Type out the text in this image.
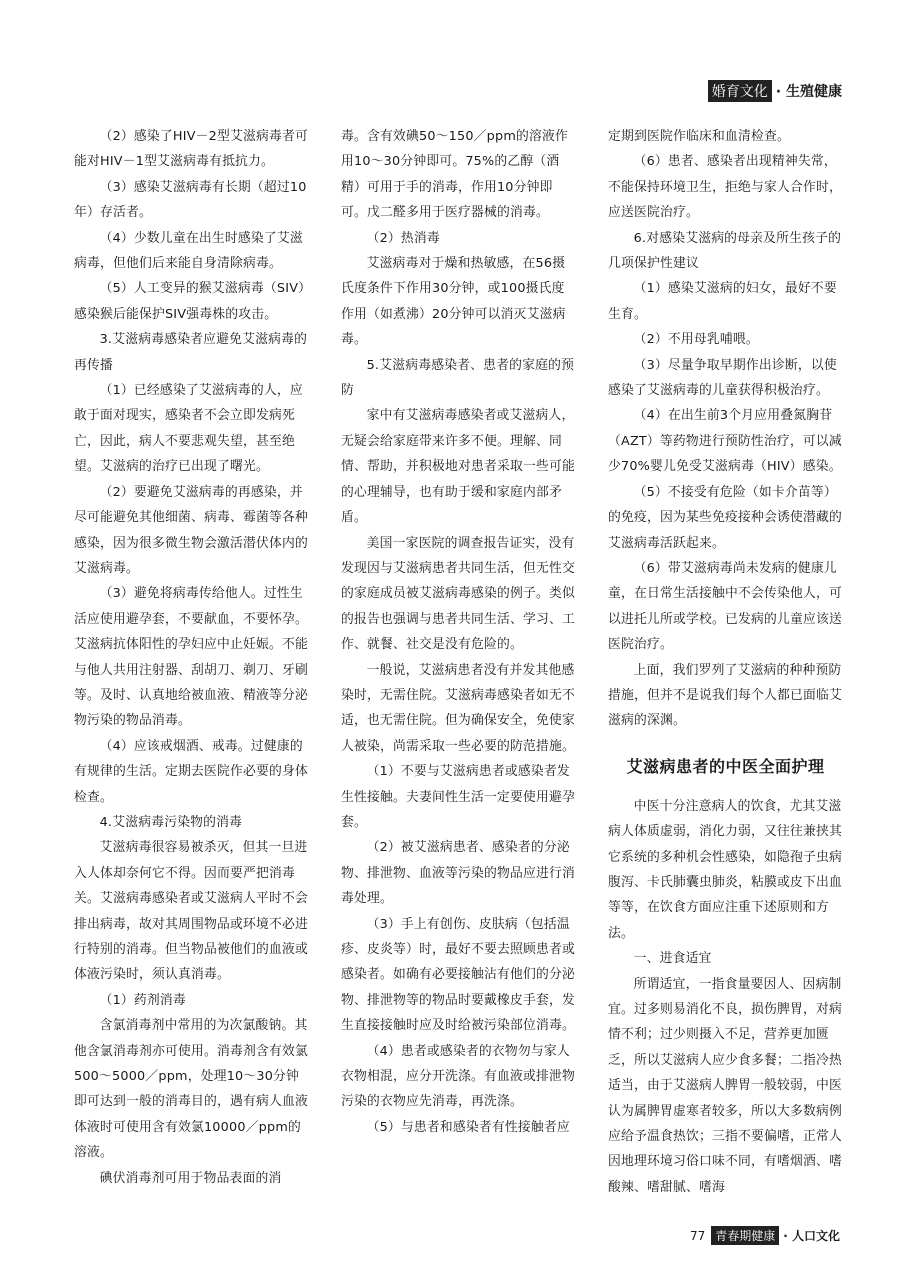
婚育文化 · 生殖健康

（2）感染了HIV－2型艾滋病毒者可能对HIV－1型艾滋病毒有抵抗力。

（3）感染艾滋病毒有长期（超过10年）存活者。

（4）少数儿童在出生时感染了艾滋病毒，但他们后来能自身清除病毒。

（5）人工变异的猴艾滋病毒（SIV）感染猴后能保护SIV强毒株的攻击。

3.艾滋病毒感染者应避免艾滋病毒的再传播

（1）已经感染了艾滋病毒的人，应敢于面对现实，感染者不会立即发病死亡，因此，病人不要悲观失望，甚至绝望。艾滋病的治疗已出现了曙光。

（2）要避免艾滋病毒的再感染，并尽可能避免其他细菌、病毒、霉菌等各种感染，因为很多微生物会激活潜伏体内的艾滋病毒。

（3）避免将病毒传给他人。过性生活应使用避孕套，不要献血，不要怀孕。艾滋病抗体阳性的孕妇应中止妊娠。不能与他人共用注射器、刮胡刀、剃刀、牙刷等。及时、认真地给被血液、精液等分泌物污染的物品消毒。

（4）应该戒烟酒、戒毒。过健康的有规律的生活。定期去医院作必要的身体检查。

4.艾滋病毒污染物的消毒

艾滋病毒很容易被杀灭，但其一旦进入人体却奈何它不得。因而要严把消毒关。艾滋病毒感染者或艾滋病人平时不会排出病毒，故对其周围物品或环境不必进行特别的消毒。但当物品被他们的血液或体液污染时，须认真消毒。

（1）药剂消毒

含氯消毒剂中常用的为次氯酸钠。其他含氯消毒剂亦可使用。消毒剂含有效氯500～5000／ppm，处理10～30分钟即可达到一般的消毒目的，遇有病人血液体液时可使用含有效氯10000／ppm的溶液。

碘伏消毒剂可用于物品表面的消

毒。含有效碘50～150／ppm的溶液作用10～30分钟即可。75%的乙醇（酒精）可用于手的消毒，作用10分钟即可。戊二醛多用于医疗器械的消毒。

（2）热消毒

艾滋病毒对于燥和热敏感，在56摄氏度条件下作用30分钟，或100摄氏度作用（如煮沸）20分钟可以消灭艾滋病毒。

5.艾滋病毒感染者、患者的家庭的预防

家中有艾滋病毒感染者或艾滋病人，无疑会给家庭带来许多不便。理解、同情、帮助，并积极地对患者采取一些可能的心理辅导，也有助于缓和家庭内部矛盾。

美国一家医院的调查报告证实，没有发现因与艾滋病患者共同生活，但无性交的家庭成员被艾滋病毒感染的例子。类似的报告也强调与患者共同生活、学习、工作、就餐、社交是没有危险的。

一般说，艾滋病患者没有并发其他感染时，无需住院。艾滋病毒感染者如无不适，也无需住院。但为确保安全，免使家人被染，尚需采取一些必要的防范措施。

（1）不要与艾滋病患者或感染者发生性接触。夫妻间性生活一定要使用避孕套。

（2）被艾滋病患者、感染者的分泌物、排泄物、血液等污染的物品应进行消毒处理。

（3）手上有创伤、皮肤病（包括温疹、皮炎等）时，最好不要去照顾患者或感染者。如确有必要接触沾有他们的分泌物、排泄物等的物品时要戴橡皮手套，发生直接接触时应及时给被污染部位消毒。

（4）患者或感染者的衣物勿与家人衣物相混，应分开洗涤。有血液或排泄物污染的衣物应先消毒，再洗涤。

（5）与患者和感染者有性接触者应

定期到医院作临床和血清检查。

（6）患者、感染者出现精神失常，不能保持环境卫生，拒绝与家人合作时，应送医院治疗。

6.对感染艾滋病的母亲及所生孩子的几项保护性建议

（1）感染艾滋病的妇女，最好不要生育。

（2）不用母乳哺喂。

（3）尽量争取早期作出诊断，以使感染了艾滋病毒的儿童获得积极治疗。

（4）在出生前3个月应用叠氮胸苷（AZT）等药物进行预防性治疗，可以减少70%婴儿免受艾滋病毒（HIV）感染。

（5）不接受有危险（如卡介苗等）的免疫，因为某些免疫接种会诱使潜藏的艾滋病毒活跃起来。

（6）带艾滋病毒尚未发病的健康儿童，在日常生活接触中不会传染他人，可以进托儿所或学校。已发病的儿童应该送医院治疗。

上面，我们罗列了艾滋病的种种预防措施，但并不是说我们每个人都已面临艾滋病的深渊。

艾滋病患者的中医全面护理

中医十分注意病人的饮食，尤其艾滋病人体质虚弱，消化力弱，又往往兼挟其它系统的多种机会性感染，如隐孢子虫病腹泻、卡氏肺囊虫肺炎，粘膜或皮下出血等等，在饮食方面应注重下述原则和方法。

一、进食适宜

所谓适宜，一指食量要因人、因病制宜。过多则易消化不良，损伤脾胃，对病情不利；过少则摄入不足，营养更加匮乏，所以艾滋病人应少食多餐；二指冷热适当，由于艾滋病人脾胃一般较弱，中医认为属脾胃虚寒者较多，所以大多数病例应给予温食热饮；三指不要偏嗜，正常人因地理环境习俗口味不同，有嗜烟酒、嗜酸辣、嗜甜腻、嗜海

77 青春期健康 · 人口文化
